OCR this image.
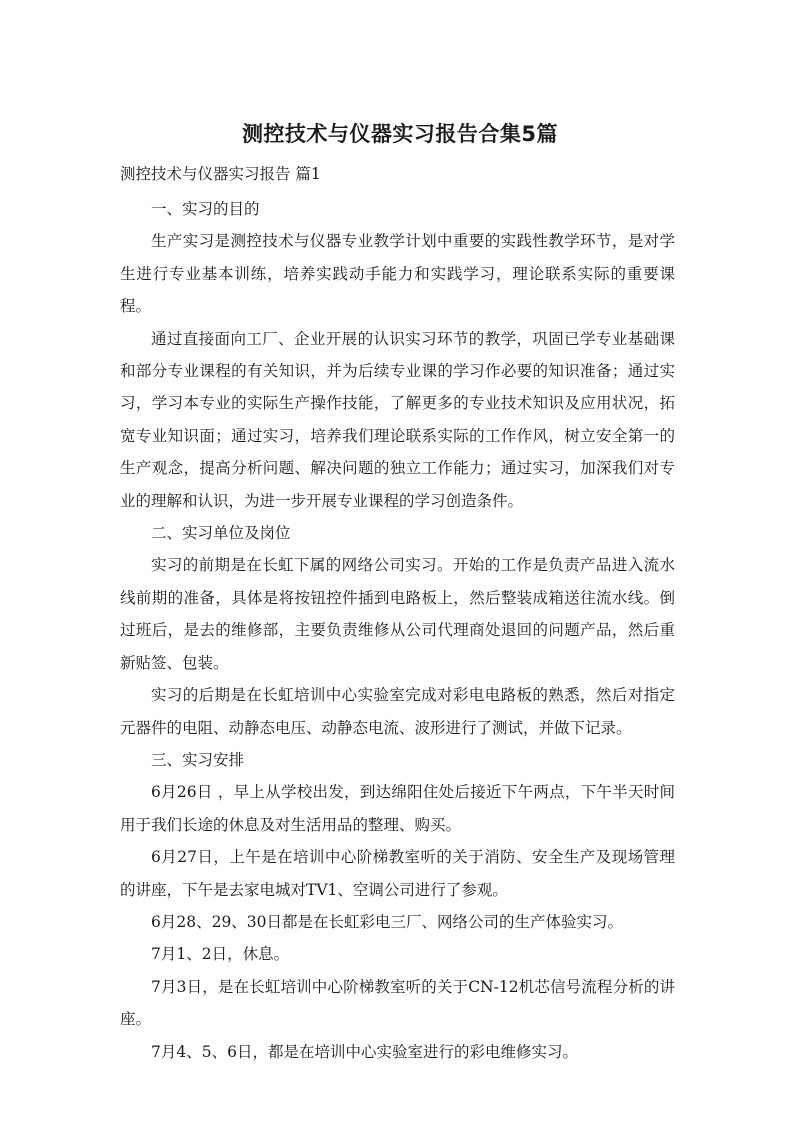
测控技术与仪器实习报告合集5篇
测控技术与仪器实习报告 篇1

一、实习的目的

生产实习是测控技术与仪器专业教学计划中重要的实践性教学环节，是对学生进行专业基本训练，培养实践动手能力和实践学习，理论联系实际的重要课程。

通过直接面向工厂、企业开展的认识实习环节的教学，巩固已学专业基础课和部分专业课程的有关知识，并为后续专业课的学习作必要的知识准备；通过实习，学习本专业的实际生产操作技能，了解更多的专业技术知识及应用状况，拓宽专业知识面；通过实习，培养我们理论联系实际的工作作风，树立安全第一的生产观念，提高分析问题、解决问题的独立工作能力；通过实习，加深我们对专业的理解和认识，为进一步开展专业课程的学习创造条件。

二、实习单位及岗位

实习的前期是在长虹下属的网络公司实习。开始的工作是负责产品进入流水线前期的准备，具体是将按钮控件插到电路板上，然后整装成箱送往流水线。倒过班后，是去的维修部，主要负责维修从公司代理商处退回的问题产品，然后重新贴签、包装。

实习的后期是在长虹培训中心实验室完成对彩电电路板的熟悉，然后对指定元器件的电阻、动静态电压、动静态电流、波形进行了测试，并做下记录。

三、实习安排

6月26日 ，早上从学校出发，到达绵阳住处后接近下午两点，下午半天时间用于我们长途的休息及对生活用品的整理、购买。

6月27日，上午是在培训中心阶梯教室听的关于消防、安全生产及现场管理的讲座，下午是去家电城对TV1、空调公司进行了参观。

6月28、29、30日都是在长虹彩电三厂、网络公司的生产体验实习。

7月1、2日，休息。

7月3日，是在长虹培训中心阶梯教室听的关于CN-12机芯信号流程分析的讲座。

7月4、5、6日，都是在培训中心实验室进行的彩电维修实习。
